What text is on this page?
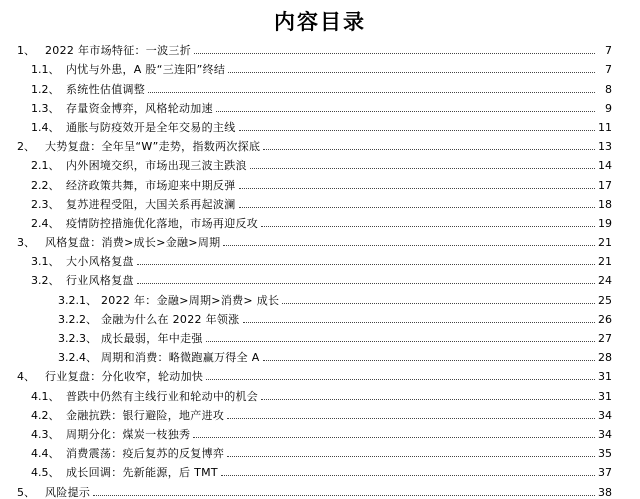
内容目录
1、 2022 年市场特征：一波三折	7
1.1、 内忧与外患，A 股“三连阳”终结	7
1.2、 系统性估值调整	8
1.3、 存量资金博弈，风格轮动加速	9
1.4、 通胀与防疫效开是全年交易的主线	11
2、 大势复盘：全年呈“W”走势，指数两次探底	13
2.1、 内外困境交织，市场出现三波主跌浪	14
2.2、 经济政策共舞，市场迎来中期反弹	17
2.3、 复苏进程受阻，大国关系再起波澜	18
2.4、 疫情防控措施优化落地，市场再迎反攻	19
3、 风格复盘：消费>成长>金融>周期	21
3.1、 大小风格复盘	21
3.2、 行业风格复盘	24
3.2.1、 2022 年：金融>周期>消费> 成长	25
3.2.2、 金融为什么在 2022 年领涨	26
3.2.3、 成长最弱，年中走强	27
3.2.4、 周期和消费：略微跑赢万得全 A	28
4、 行业复盘：分化收窄，轮动加快	31
4.1、 普跌中仍然有主线行业和轮动中的机会	31
4.2、 金融抗跌：银行避险，地产进攻	34
4.3、 周期分化：煤炭一枝独秀	34
4.4、 消费震荡：疫后复苏的反复博弈	35
4.5、 成长回调：先新能源，后 TMT	37
5、 风险提示	38
